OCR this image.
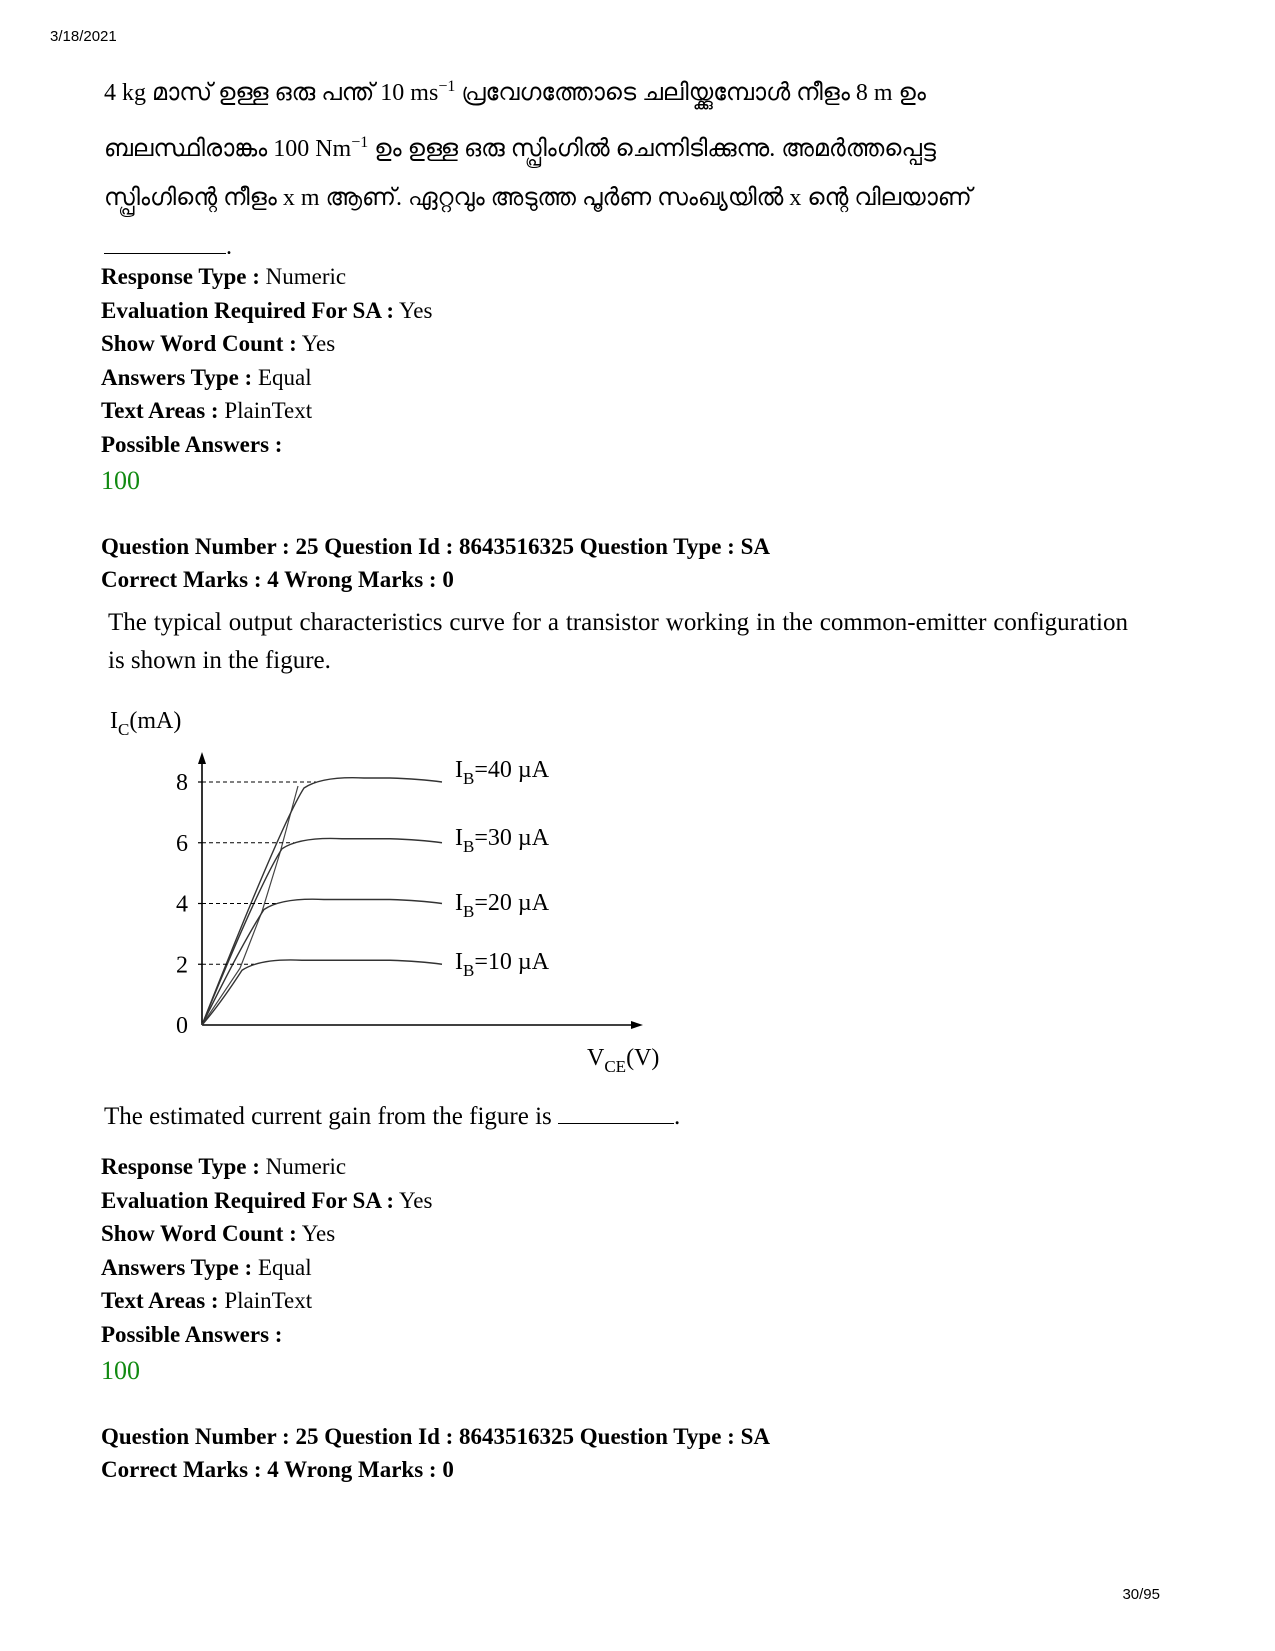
3/18/2021
4 kg മാസ് ഉള്ള ഒരു പന്ത് 10 $ms^{-1}$ പ്രവേഗത്തോടെ ചലിയ്ക്കുമ്പോൾ നീളം 8 m ഉം
ബലസ്ഥിരാങ്കം 100 $Nm^{-1}$ ഉം ഉള്ള ഒരു സ്പ്രിംഗിൽ ചെന്നിടിക്കുന്നു. അമർത്തപ്പെട്ട
സ്പ്രിംഗിന്റെ നീളം x m ആണ്. ഏറ്റവും അടുത്ത പൂർണ സംഖ്യയിൽ x ന്റെ വിലയാണ്
.
Response Type : Numeric
Evaluation Required For SA : Yes
Show Word Count : Yes
Answers Type : Equal
Text Areas : PlainText
Possible Answers :
100
Question Number : 25 Question Id : 8643516325 Question Type : SA
Correct Marks : 4 Wrong Marks : 0
The typical output characteristics curve for a transistor working in the common-emitter configuration is shown in the figure.
0
2
4
6
8
$I_C(mA)$
$V_{CE}(V)$
$I_B=40$ µA
$I_B=30$ µA
$I_B=20$ µA
$I_B=10$ µA
The estimated current gain from the figure is	.
Response Type : Numeric
Evaluation Required For SA : Yes
Show Word Count : Yes
Answers Type : Equal
Text Areas : PlainText
Possible Answers :
100
Question Number : 25 Question Id : 8643516325 Question Type : SA
Correct Marks : 4 Wrong Marks : 0
30/95
